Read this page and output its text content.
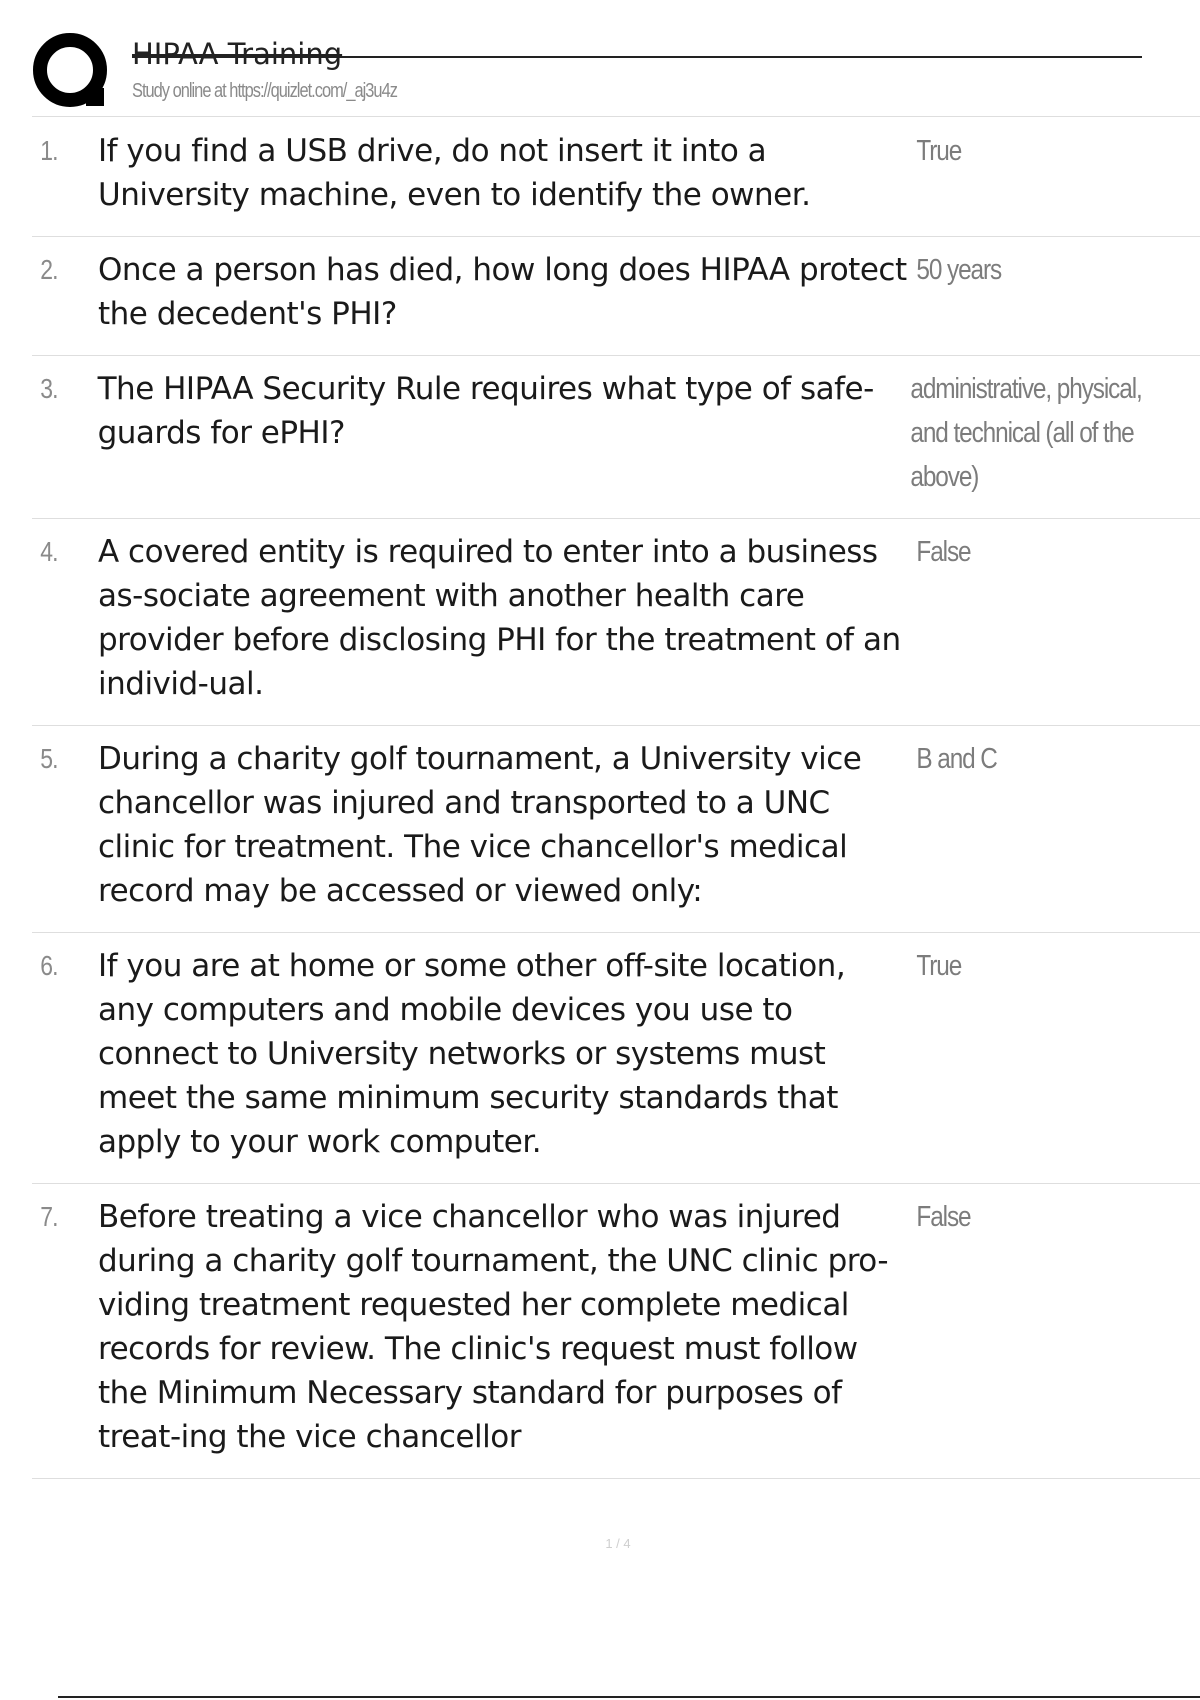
HIPAA Training
Study online at https://quizlet.com/_aj3u4z
1.	If you find a USB drive, do not insert it into a University machine, even to identify the owner.
True
2.	Once a person has died, how long does HIPAA protect the decedent's PHI?
50 years
3.	The HIPAA Security Rule requires what type of safe-guards for ePHI?
administrative, physical, and technical (all of the above)
4.	A covered entity is required to enter into a business as-sociate agreement with another health care provider before disclosing PHI for the treatment of an individ-ual.
False
5.	During a charity golf tournament, a University vice chancellor was injured and transported to a UNC clinic for treatment. The vice chancellor's medical record may be accessed or viewed only:
B and C
6.	If you are at home or some other off-site location, any computers and mobile devices you use to connect to University networks or systems must meet the same minimum security standards that apply to your work computer.
True
7.	Before treating a vice chancellor who was injured during a charity golf tournament, the UNC clinic pro-viding treatment requested her complete medical records for review. The clinic's request must follow the Minimum Necessary standard for purposes of treat-ing the vice chancellor
False
1 / 4
